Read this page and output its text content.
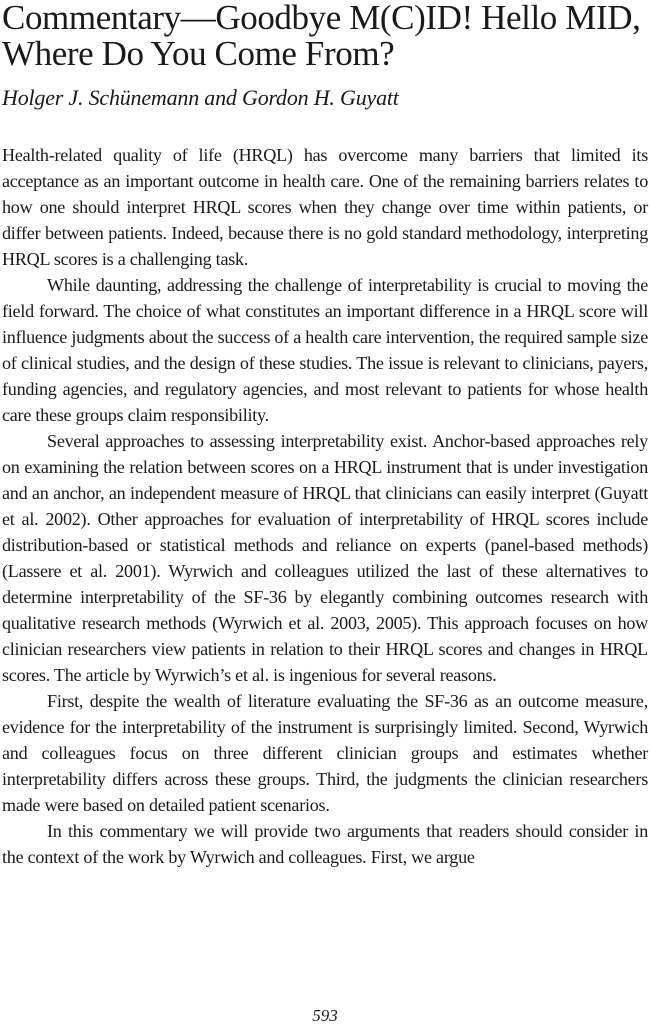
Commentary—Goodbye M(C)ID! Hello MID, Where Do You Come From?
Holger J. Schünemann and Gordon H. Guyatt

Health-related quality of life (HRQL) has overcome many barriers that limited its acceptance as an important outcome in health care. One of the remaining barriers relates to how one should interpret HRQL scores when they change over time within patients, or differ between patients. Indeed, because there is no gold standard methodology, interpreting HRQL scores is a challenging task.

While daunting, addressing the challenge of interpretability is crucial to moving the field forward. The choice of what constitutes an important difference in a HRQL score will influence judgments about the success of a health care intervention, the required sample size of clinical studies, and the design of these studies. The issue is relevant to clinicians, payers, funding agencies, and regulatory agencies, and most relevant to patients for whose health care these groups claim responsibility.

Several approaches to assessing interpretability exist. Anchor-based approaches rely on examining the relation between scores on a HRQL instrument that is under investigation and an anchor, an independent measure of HRQL that clinicians can easily interpret (Guyatt et al. 2002). Other approaches for evaluation of interpretability of HRQL scores include distribution-based or statistical methods and reliance on experts (panel-based methods) (Lassere et al. 2001). Wyrwich and colleagues utilized the last of these alternatives to determine interpretability of the SF-36 by elegantly combining outcomes research with qualitative research methods (Wyrwich et al. 2003, 2005). This approach focuses on how clinician researchers view patients in relation to their HRQL scores and changes in HRQL scores. The article by Wyrwich’s et al. is ingenious for several reasons.

First, despite the wealth of literature evaluating the SF-36 as an outcome measure, evidence for the interpretability of the instrument is surprisingly limited. Second, Wyrwich and colleagues focus on three different clinician groups and estimates whether interpretability differs across these groups. Third, the judgments the clinician researchers made were based on detailed patient scenarios.

In this commentary we will provide two arguments that readers should consider in the context of the work by Wyrwich and colleagues. First, we argue

593
